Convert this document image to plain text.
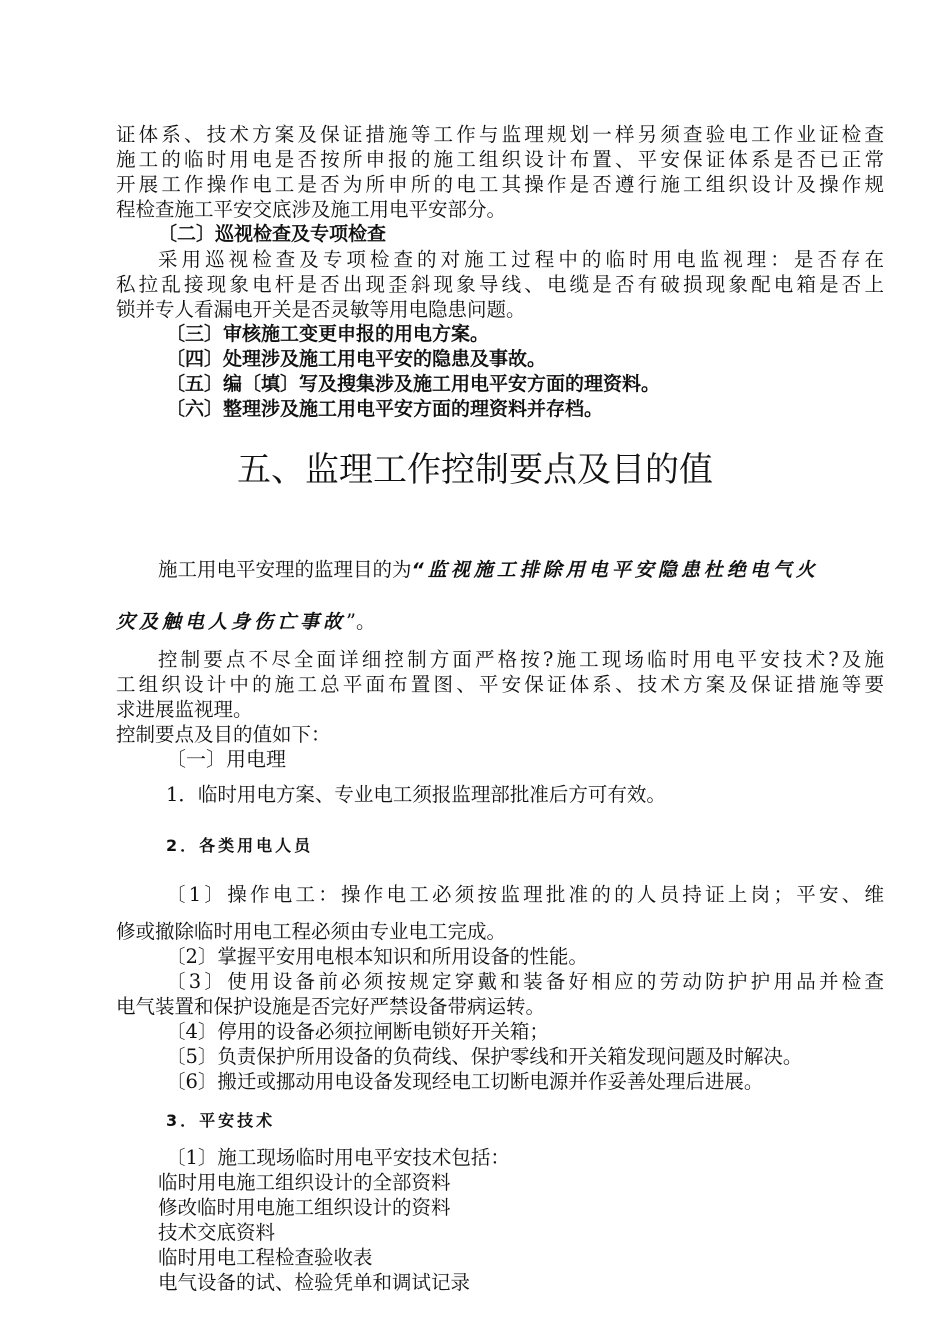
证体系、技术方案及保证措施等工作与监理规划一样另须查验电工作业证检查
施工的临时用电是否按所申报的施工组织设计布置、平安保证体系是否已正常
开展工作操作电工是否为所申所的电工其操作是否遵行施工组织设计及操作规
程检查施工平安交底涉及施工用电平安部分。
〔二〕巡视检查及专项检查
采用巡视检查及专项检查的对施工过程中的临时用电监视理：是否存在
私拉乱接现象电杆是否出现歪斜现象导线、电缆是否有破损现象配电箱是否上
锁并专人看漏电开关是否灵敏等用电隐患问题。
〔三〕审核施工变更申报的用电方案。
〔四〕处理涉及施工用电平安的隐患及事故。
〔五〕编〔填〕写及搜集涉及施工用电平安方面的理资料。
〔六〕整理涉及施工用电平安方面的理资料并存档。
五、监理工作控制要点及目的值
施工用电平安理的监理目的为“监视施工排除用电平安隐患杜绝电气火
灾及触电人身伤亡事故”。
控制要点不尽全面详细控制方面严格按?施工现场临时用电平安技术?及施
工组织设计中的施工总平面布置图、平安保证体系、技术方案及保证措施等要
求进展监视理。
控制要点及目的值如下：
〔一〕用电理
1．临时用电方案、专业电工须报监理部批准后方可有效。
2．各类用电人员
〔1〕操作电工：操作电工必须按监理批准的的人员持证上岗；平安、维
修或撤除临时用电工程必须由专业电工完成。
〔2〕掌握平安用电根本知识和所用设备的性能。
〔3〕使用设备前必须按规定穿戴和装备好相应的劳动防护护用品并检查
电气装置和保护设施是否完好严禁设备带病运转。
〔4〕停用的设备必须拉闸断电锁好开关箱；
〔5〕负责保护所用设备的负荷线、保护零线和开关箱发现问题及时解决。
〔6〕搬迁或挪动用电设备发现经电工切断电源并作妥善处理后进展。
3．平安技术
〔1〕施工现场临时用电平安技术包括：
临时用电施工组织设计的全部资料
修改临时用电施工组织设计的资料
技术交底资料
临时用电工程检查验收表
电气设备的试、检验凭单和调试记录
